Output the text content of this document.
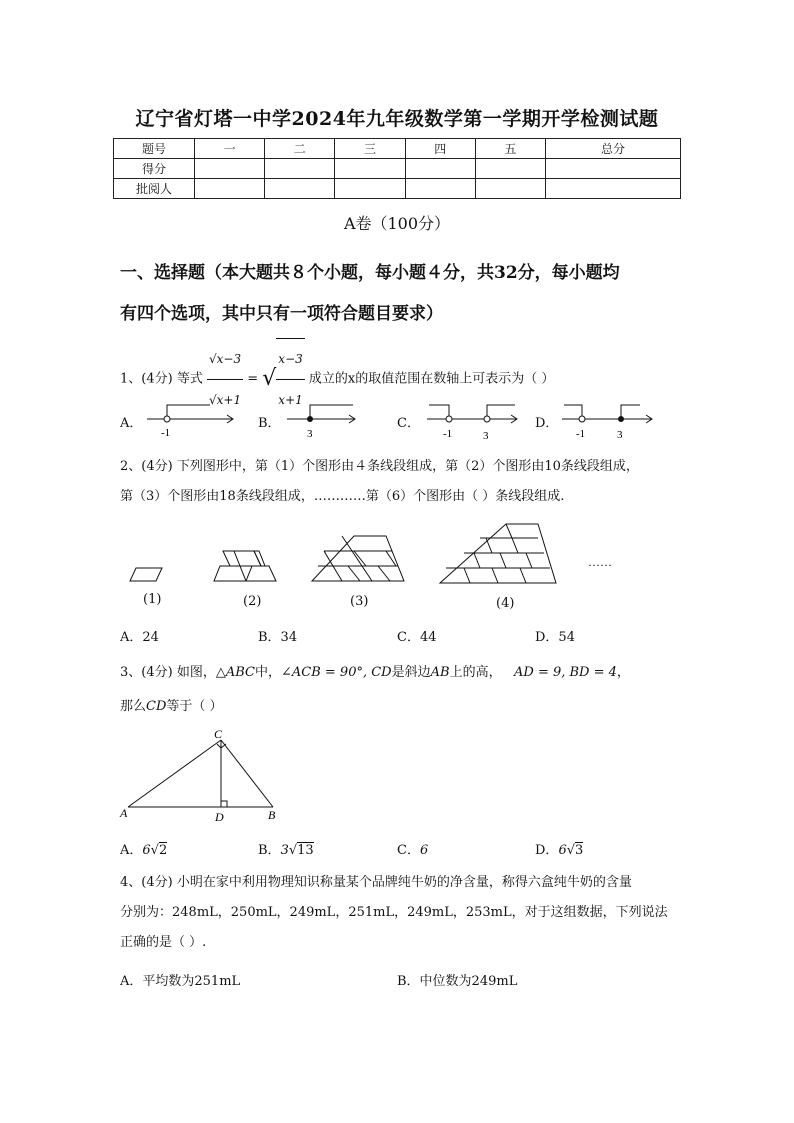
辽宁省灯塔一中学2024年九年级数学第一学期开学检测试题
题号	一	二	三	四	五	总分
得分						
批阅人						
A卷（100分）
一、选择题（本大题共８个小题，每小题４分，共32分，每小题均
有四个选项，其中只有一项符合题目要求）
1、(4分) 等式 $\frac{√x-3}{√x+1}$ = √ $\frac{x-3}{x+1}$ 成立的x的取值范围在数轴上可表示为（ ）
A．
-1
B．
3
C．
-1	3
D．
-1	3
2、(4分) 下列图形中，第（1）个图形由４条线段组成，第（2）个图形由10条线段组成，
第（3）个图形由18条线段组成，…………第（6）个图形由（ ）条线段组成.
……
(1)	(2)	(3)	(4)
A．24	B．34	C．44	D．54
3、(4分) 如图，△ABC中，∠ACB = 90°, CD是斜边AB上的高， AD = 9, BD = 4，
那么CD等于（ ）
C
A	D	B
A．6√2	B．3√13	C．6	D．6√3
4、(4分) 小明在家中利用物理知识称量某个品牌纯牛奶的净含量，称得六盒纯牛奶的含量
分别为：248mL，250mL，249mL，251mL，249mL，253mL，对于这组数据，下列说法
正确的是（ ）.
A．平均数为251mL	B．中位数为249mL
